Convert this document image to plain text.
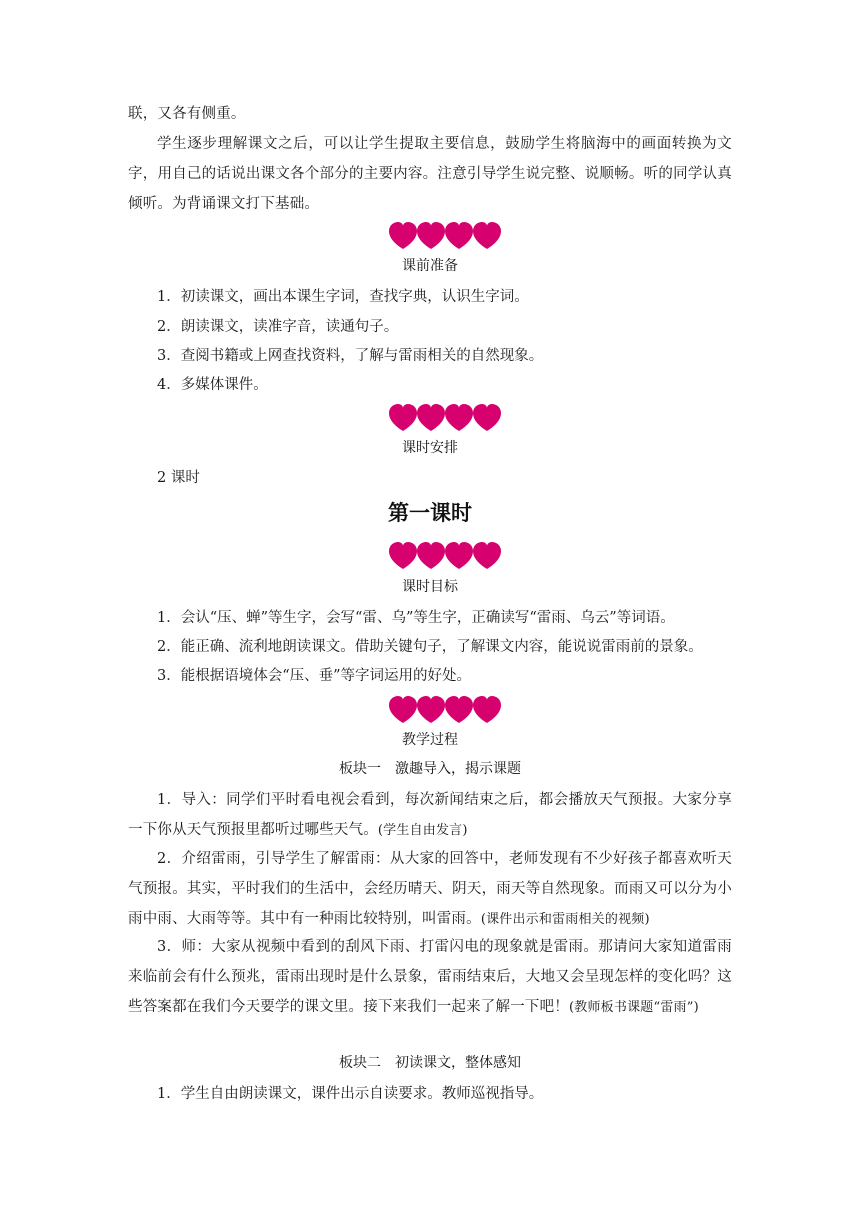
联，又各有侧重。

学生逐步理解课文之后，可以让学生提取主要信息，鼓励学生将脑海中的画面转换为文字，用自己的话说出课文各个部分的主要内容。注意引导学生说完整、说顺畅。听的同学认真倾听。为背诵课文打下基础。

课前准备

1．初读课文，画出本课生字词，查找字典，认识生字词。

2．朗读课文，读准字音，读通句子。

3．查阅书籍或上网查找资料，了解与雷雨相关的自然现象。

4．多媒体课件。

课时安排

2 课时

第一课时
课时目标

1．会认“压、蝉”等生字，会写“雷、乌”等生字，正确读写“雷雨、乌云”等词语。

2．能正确、流利地朗读课文。借助关键句子，了解课文内容，能说说雷雨前的景象。

3．能根据语境体会“压、垂”等字词运用的好处。

教学过程
板块一　激趣导入，揭示课题

1．导入：同学们平时看电视会看到，每次新闻结束之后，都会播放天气预报。大家分享一下你从天气预报里都听过哪些天气。(学生自由发言)

2．介绍雷雨，引导学生了解雷雨：从大家的回答中，老师发现有不少好孩子都喜欢听天气预报。其实，平时我们的生活中，会经历晴天、阴天，雨天等自然现象。而雨又可以分为小雨中雨、大雨等等。其中有一种雨比较特别，叫雷雨。(课件出示和雷雨相关的视频)

3．师：大家从视频中看到的刮风下雨、打雷闪电的现象就是雷雨。那请问大家知道雷雨来临前会有什么预兆，雷雨出现时是什么景象，雷雨结束后，大地又会呈现怎样的变化吗？这些答案都在我们今天要学的课文里。接下来我们一起来了解一下吧！(教师板书课题“雷雨”)

板块二　初读课文，整体感知

1．学生自由朗读课文，课件出示自读要求。教师巡视指导。
